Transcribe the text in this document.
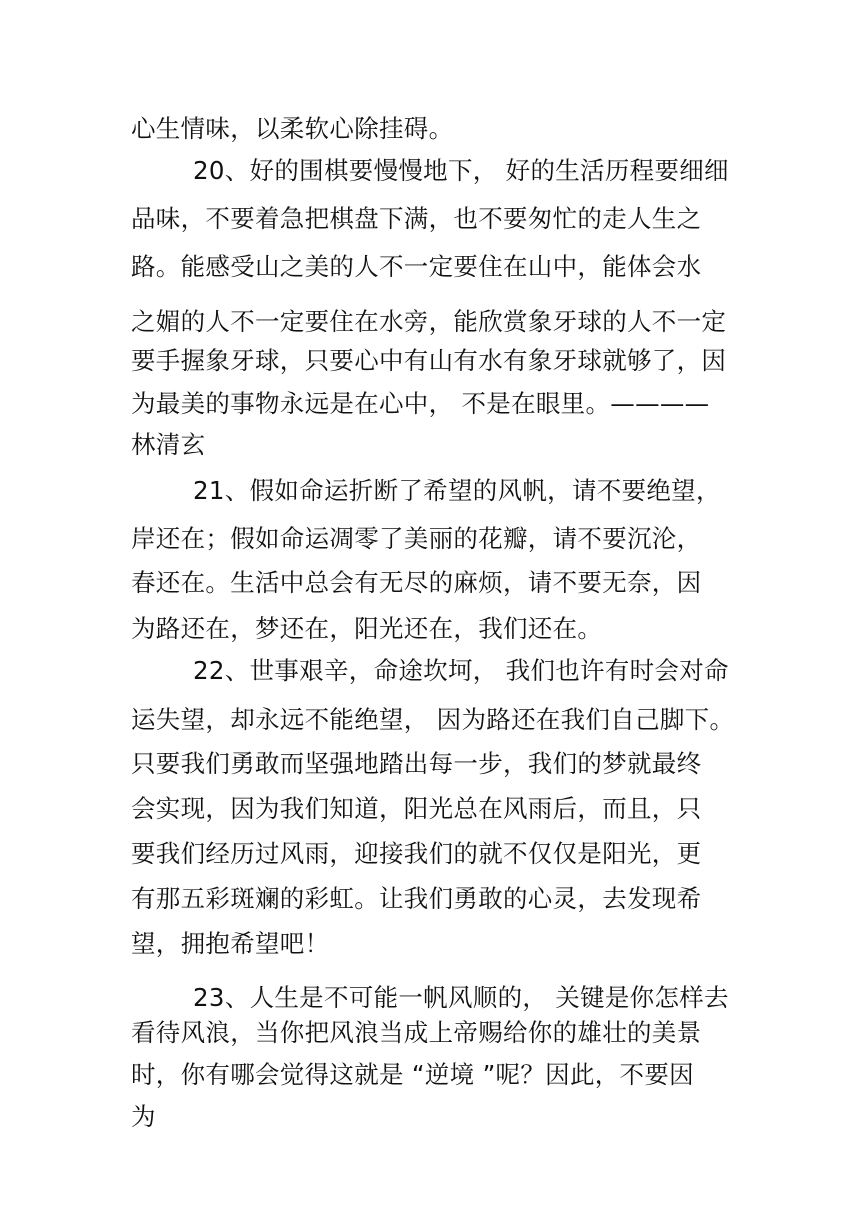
心生情味，以柔软心除挂碍。
20、好的围棋要慢慢地下， 好的生活历程要细细
品味，不要着急把棋盘下满，也不要匆忙的走人生之
路。能感受山之美的人不一定要住在山中，能体会水
之媚的人不一定要住在水旁，能欣赏象牙球的人不一定
要手握象牙球，只要心中有山有水有象牙球就够了，因
为最美的事物永远是在心中， 不是在眼里。————
林清玄
21、假如命运折断了希望的风帆，请不要绝望，
岸还在；假如命运凋零了美丽的花瓣，请不要沉沦，
春还在。生活中总会有无尽的麻烦，请不要无奈，因
为路还在，梦还在，阳光还在，我们还在。
22、世事艰辛，命途坎坷， 我们也许有时会对命
运失望，却永远不能绝望， 因为路还在我们自己脚下。
只要我们勇敢而坚强地踏出每一步，我们的梦就最终
会实现，因为我们知道，阳光总在风雨后，而且，只
要我们经历过风雨，迎接我们的就不仅仅是阳光，更
有那五彩斑斓的彩虹。让我们勇敢的心灵，去发现希
望，拥抱希望吧！
23、人生是不可能一帆风顺的， 关键是你怎样去
看待风浪，当你把风浪当成上帝赐给你的雄壮的美景
时，你有哪会觉得这就是 “逆境 ”呢？因此，不要因
为
